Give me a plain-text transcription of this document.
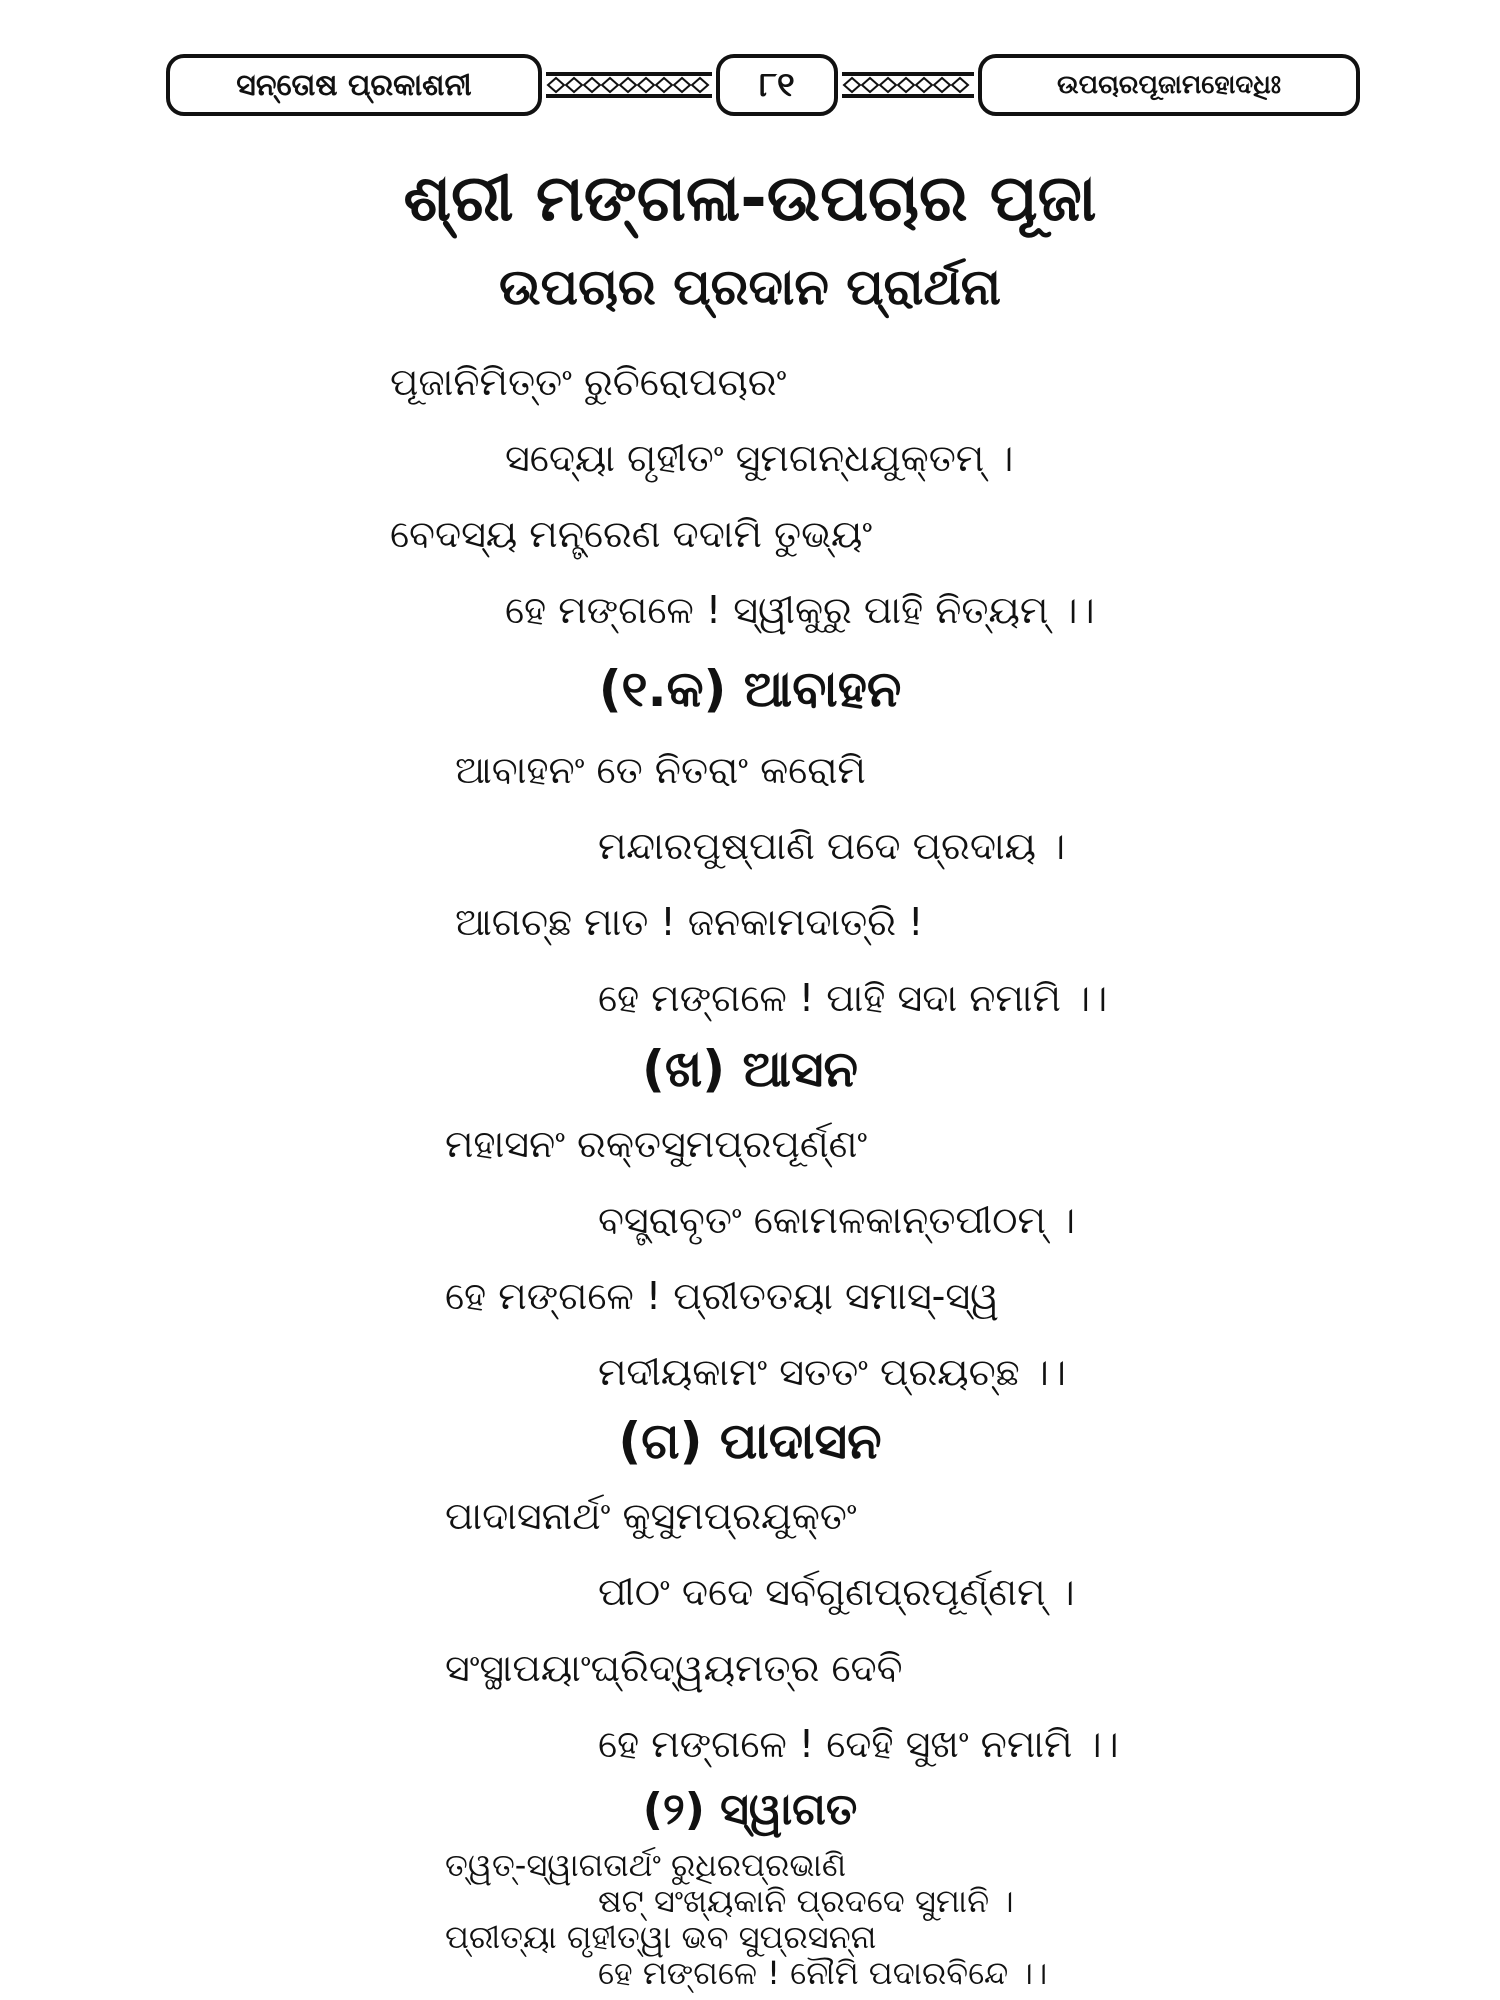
ସନ୍ତୋଷ ପ୍ରକାଶନୀ	୮୧	ଉପଚାରପୂଜାମହୋଦଧିଃ
ଶ୍ରୀ ମଙ୍ଗଳା-ଉପଚାର ପୂଜା
ଉପଚାର ପ୍ରଦାନ ପ୍ରାର୍ଥନା
ପୂଜାନିମିତ୍ତଂ ରୁଚିରୋପଚାରଂ
ସଦ୍ୟୋ ଗୃହୀତଂ ସୁମଗନ୍ଧଯୁକ୍ତମ୍ ।
ବେଦସ୍ୟ ମନ୍ତ୍ରେଣ ଦଦାମି ତୁଭ୍ୟଂ
ହେ ମଙ୍ଗଳେ ! ସ୍ୱୀକୁରୁ ପାହି ନିତ୍ୟମ୍ ।।
(୧.କ) ଆବାହନ
ଆବାହନଂ ତେ ନିତରାଂ କରୋମି
ମନ୍ଦାରପୁଷ୍ପାଣି ପଦେ ପ୍ରଦାୟ ।
ଆଗଚ୍ଛ ମାତ ! ଜନକାମଦାତ୍ରି !
ହେ ମଙ୍ଗଳେ ! ପାହି ସଦା ନମାମି ।।
(ଖ) ଆସନ
ମହାସନଂ ରକ୍ତସୁମପ୍ରପୂର୍ଣ୍ଣଂ
ବସ୍ତ୍ରାବୃତଂ କୋମଳକାନ୍ତପୀଠମ୍ ।
ହେ ମଙ୍ଗଳେ ! ପ୍ରୀତତୟା ସମାସ୍-ସ୍ୱ
ମଦୀୟକାମଂ ସତତଂ ପ୍ରୟଚ୍ଛ ।।
(ଗ) ପାଦାସନ
ପାଦାସନାର୍ଥଂ କୁସୁମପ୍ରଯୁକ୍ତଂ
ପୀଠଂ ଦଦେ ସର୍ବଗୁଣପ୍ରପୂର୍ଣ୍ଣମ୍ ।
ସଂସ୍ଥାପୟାଂଘ୍ରିଦ୍ୱୟମତ୍ର ଦେବି
ହେ ମଙ୍ଗଳେ ! ଦେହି ସୁଖଂ ନମାମି ।।
(୨) ସ୍ୱାଗତ
ତ୍ୱତ୍-ସ୍ୱାଗତାର୍ଥଂ ରୁଧିରପ୍ରଭାଣି
ଷଟ୍ ସଂଖ୍ୟକାନି ପ୍ରଦଦେ ସୁମାନି ।
ପ୍ରୀତ୍ୟା ଗୃହୀତ୍ୱା ଭବ ସୁପ୍ରସନ୍ନା
ହେ ମଙ୍ଗଳେ ! ନୌମି ପଦାରବିନ୍ଦେ ।।
